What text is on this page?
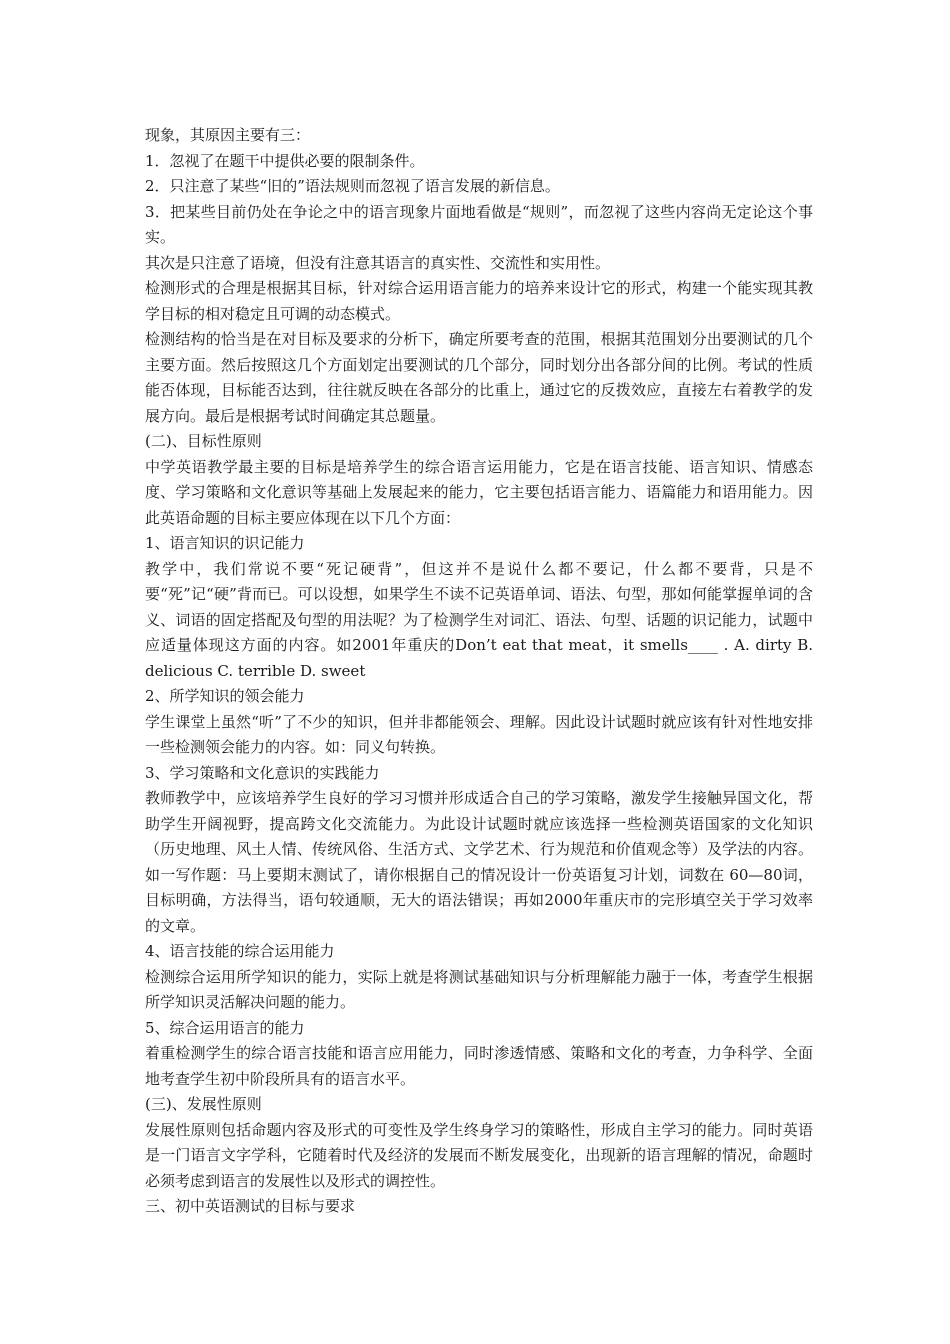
现象，其原因主要有三：

1．忽视了在题干中提供必要的限制条件。

2．只注意了某些“旧的”语法规则而忽视了语言发展的新信息。

3．把某些目前仍处在争论之中的语言现象片面地看做是“规则”，而忽视了这些内容尚无定论这个事实。

其次是只注意了语境，但没有注意其语言的真实性、交流性和实用性。

检测形式的合理是根据其目标，针对综合运用语言能力的培养来设计它的形式，构建一个能实现其教学目标的相对稳定且可调的动态模式。

检测结构的恰当是在对目标及要求的分析下，确定所要考查的范围，根据其范围划分出要测试的几个主要方面。然后按照这几个方面划定出要测试的几个部分，同时划分出各部分间的比例。考试的性质能否体现，目标能否达到，往往就反映在各部分的比重上，通过它的反拨效应，直接左右着教学的发展方向。最后是根据考试时间确定其总题量。

(二)、目标性原则

中学英语教学最主要的目标是培养学生的综合语言运用能力，它是在语言技能、语言知识、情感态度、学习策略和文化意识等基础上发展起来的能力，它主要包括语言能力、语篇能力和语用能力。因此英语命题的目标主要应体现在以下几个方面：

1、语言知识的识记能力

教学中，我们常说不要“死记硬背”，但这并不是说什么都不要记，什么都不要背，只是不要“死”记“硬”背而已。可以设想，如果学生不读不记英语单词、语法、句型，那如何能掌握单词的含义、词语的固定搭配及句型的用法呢？为了检测学生对词汇、语法、句型、话题的识记能力，试题中应适量体现这方面的内容。如2001年重庆的Don’t eat that meat，it smells____ . A. dirty B. delicious C. terrible D. sweet

2、所学知识的领会能力

学生课堂上虽然“听”了不少的知识，但并非都能领会、理解。因此设计试题时就应该有针对性地安排一些检测领会能力的内容。如：同义句转换。

3、学习策略和文化意识的实践能力

教师教学中，应该培养学生良好的学习习惯并形成适合自己的学习策略，激发学生接触异国文化，帮助学生开阔视野，提高跨文化交流能力。为此设计试题时就应该选择一些检测英语国家的文化知识（历史地理、风土人情、传统风俗、生活方式、文学艺术、行为规范和价值观念等）及学法的内容。如一写作题：马上要期末测试了，请你根据自己的情况设计一份英语复习计划，词数在 60—80词，目标明确，方法得当，语句较通顺，无大的语法错误；再如2000年重庆市的完形填空关于学习效率的文章。

4、语言技能的综合运用能力

检测综合运用所学知识的能力，实际上就是将测试基础知识与分析理解能力融于一体，考查学生根据所学知识灵活解决问题的能力。

5、综合运用语言的能力

着重检测学生的综合语言技能和语言应用能力，同时渗透情感、策略和文化的考查，力争科学、全面地考查学生初中阶段所具有的语言水平。

(三)、发展性原则

发展性原则包括命题内容及形式的可变性及学生终身学习的策略性，形成自主学习的能力。同时英语是一门语言文字学科，它随着时代及经济的发展而不断发展变化，出现新的语言理解的情况，命题时必须考虑到语言的发展性以及形式的调控性。

三、初中英语测试的目标与要求
